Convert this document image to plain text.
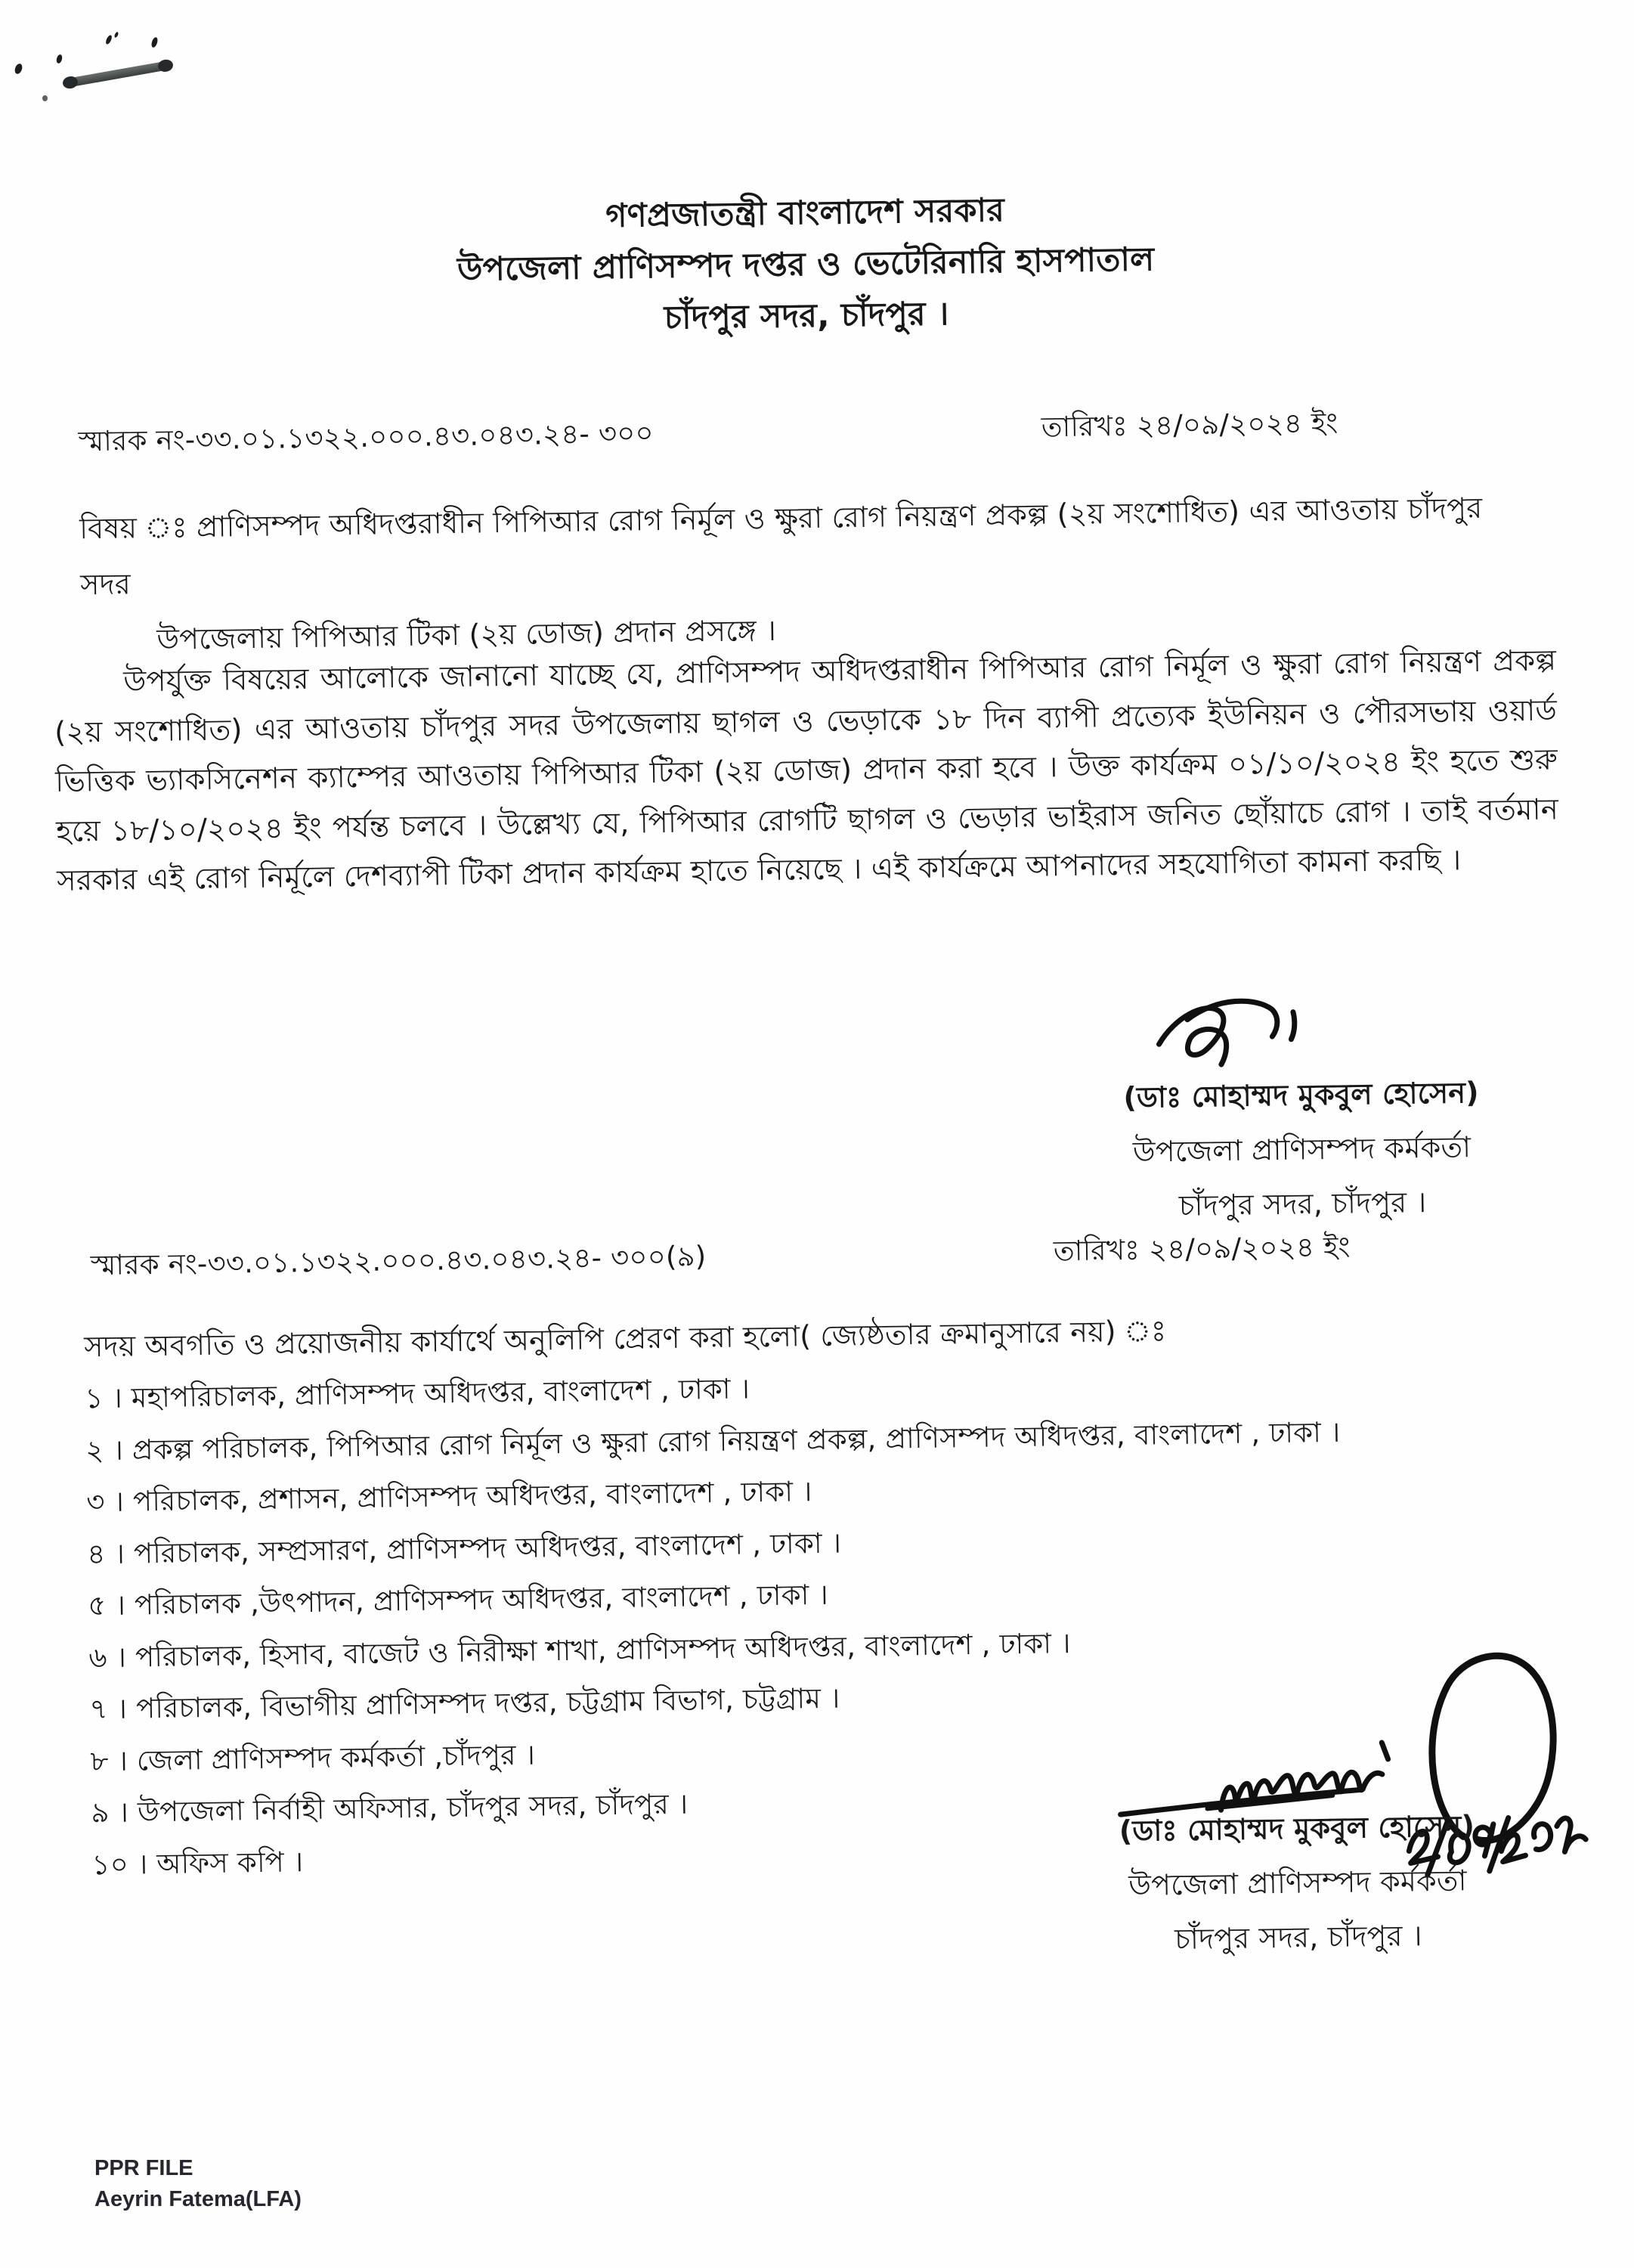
গণপ্রজাতন্ত্রী বাংলাদেশ সরকার
উপজেলা প্রাণিসম্পদ দপ্তর ও ভেটেরিনারি হাসপাতাল
চাঁদপুর সদর, চাঁদপুর ।
স্মারক নং-৩৩.০১.১৩২২.০০০.৪৩.০৪৩.২৪- ৩০০	তারিখঃ ২৪/০৯/২০২৪ ইং
বিষয় ঃ প্রাণিসম্পদ অধিদপ্তরাধীন পিপিআর রোগ নির্মূল ও ক্ষুরা রোগ নিয়ন্ত্রণ প্রকল্প (২য় সংশোধিত) এর আওতায় চাঁদপুর সদর
উপজেলায় পিপিআর টিকা (২য় ডোজ) প্রদান প্রসঙ্গে ।

উপর্যুক্ত বিষয়ের আলোকে জানানো যাচ্ছে যে, প্রাণিসম্পদ অধিদপ্তরাধীন পিপিআর রোগ নির্মূল ও ক্ষুরা রোগ নিয়ন্ত্রণ প্রকল্প (২য় সংশোধিত) এর আওতায় চাঁদপুর সদর উপজেলায় ছাগল ও ভেড়াকে ১৮ দিন ব্যাপী প্রত্যেক ইউনিয়ন ও পৌরসভায় ওয়ার্ড ভিত্তিক ভ্যাকসিনেশন ক্যাম্পের আওতায় পিপিআর টিকা (২য় ডোজ) প্রদান করা হবে । উক্ত কার্যক্রম ০১/১০/২০২৪ ইং হতে শুরু হয়ে ১৮/১০/২০২৪ ইং পর্যন্ত চলবে । উল্লেখ্য যে, পিপিআর রোগটি ছাগল ও ভেড়ার ভাইরাস জনিত ছোঁয়াচে রোগ । তাই বর্তমান সরকার এই রোগ নির্মূলে দেশব্যাপী টিকা প্রদান কার্যক্রম হাতে নিয়েছে । এই কার্যক্রমে আপনাদের সহযোগিতা কামনা করছি ।

(ডাঃ মোহাম্মদ মুকবুল হোসেন)
উপজেলা প্রাণিসম্পদ কর্মকর্তা
চাঁদপুর সদর, চাঁদপুর ।
স্মারক নং-৩৩.০১.১৩২২.০০০.৪৩.০৪৩.২৪- ৩০০(৯)	তারিখঃ ২৪/০৯/২০২৪ ইং
সদয় অবগতি ও প্রয়োজনীয় কার্যার্থে অনুলিপি প্রেরণ করা হলো( জ্যেষ্ঠতার ক্রমানুসারে নয়) ঃ
১ । মহাপরিচালক, প্রাণিসম্পদ অধিদপ্তর, বাংলাদেশ , ঢাকা ।
২ । প্রকল্প পরিচালক, পিপিআর রোগ নির্মূল ও ক্ষুরা রোগ নিয়ন্ত্রণ প্রকল্প, প্রাণিসম্পদ অধিদপ্তর, বাংলাদেশ , ঢাকা ।
৩ । পরিচালক, প্রশাসন, প্রাণিসম্পদ অধিদপ্তর, বাংলাদেশ , ঢাকা ।
৪ । পরিচালক, সম্প্রসারণ, প্রাণিসম্পদ অধিদপ্তর, বাংলাদেশ , ঢাকা ।
৫ । পরিচালক ,উৎপাদন, প্রাণিসম্পদ অধিদপ্তর, বাংলাদেশ , ঢাকা ।
৬ । পরিচালক, হিসাব, বাজেট ও নিরীক্ষা শাখা, প্রাণিসম্পদ অধিদপ্তর, বাংলাদেশ , ঢাকা ।
৭ । পরিচালক, বিভাগীয় প্রাণিসম্পদ দপ্তর, চট্টগ্রাম বিভাগ, চট্টগ্রাম ।
৮ । জেলা প্রাণিসম্পদ কর্মকর্তা ,চাঁদপুর ।
৯ । উপজেলা নির্বাহী অফিসার, চাঁদপুর সদর, চাঁদপুর ।
১০ । অফিস কপি ।
(ডাঃ মোহাম্মদ মুকবুল হোসেন)
উপজেলা প্রাণিসম্পদ কর্মকর্তা
চাঁদপুর সদর, চাঁদপুর ।
PPR FILE
Aeyrin Fatema(LFA)
